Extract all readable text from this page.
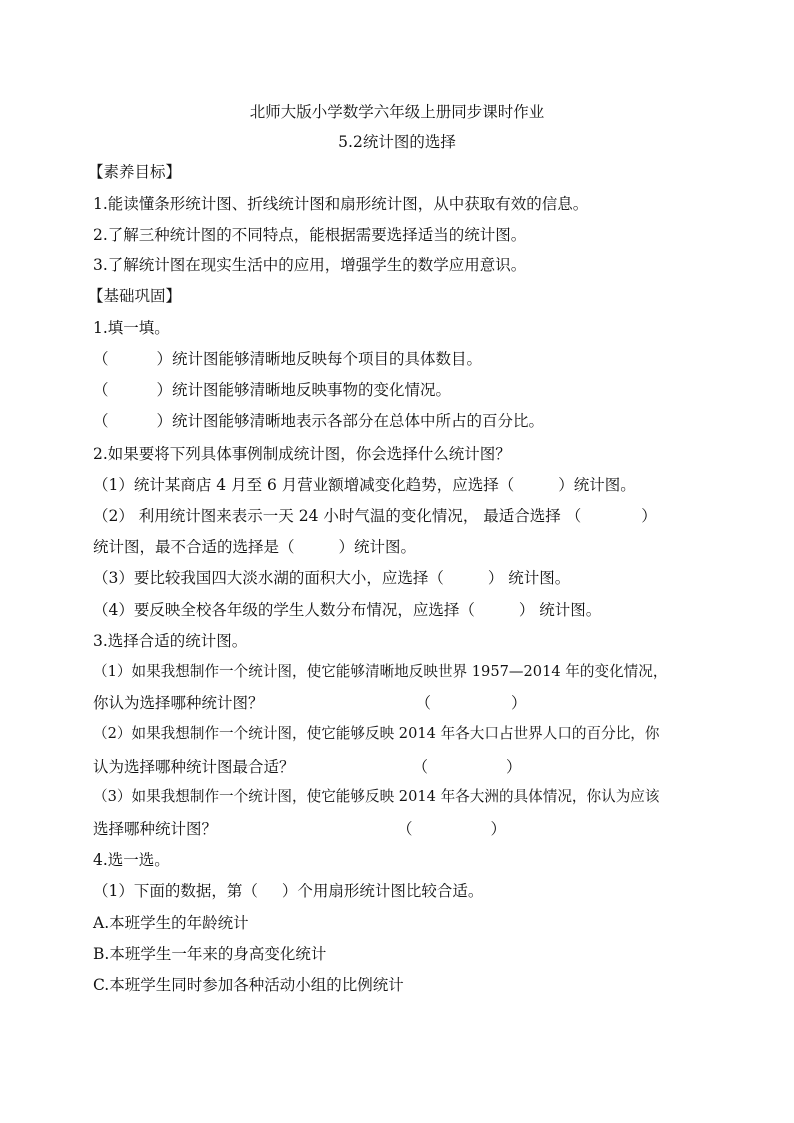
北师大版小学数学六年级上册同步课时作业
5.2统计图的选择
【素养目标】
1.能读懂条形统计图、折线统计图和扇形统计图，从中获取有效的信息。
2.了解三种统计图的不同特点，能根据需要选择适当的统计图。
3.了解统计图在现实生活中的应用，增强学生的数学应用意识。
【基础巩固】
1.填一填。
（	）统计图能够清晰地反映每个项目的具体数目。
（	）统计图能够清晰地反映事物的变化情况。
（	）统计图能够清晰地表示各部分在总体中所占的百分比。
2.如果要将下列具体事例制成统计图，你会选择什么统计图？
（1）统计某商店 4 月至 6 月营业额增减变化趋势，应选择（	）统计图。
（2） 利用统计图来表示一天 24 小时气温的变化情况， 最适合选择 （	）
统计图，最不合适的选择是（	）统计图。
（3）要比较我国四大淡水湖的面积大小，应选择（	） 统计图。
（4）要反映全校各年级的学生人数分布情况，应选择（	） 统计图。
3.选择合适的统计图。
（1）如果我想制作一个统计图，使它能够清晰地反映世界 1957—2014 年的变化情况，
你认为选择哪种统计图？	（	）
（2）如果我想制作一个统计图，使它能够反映 2014 年各大口占世界人口的百分比，你
认为选择哪种统计图最合适？	（	）
（3）如果我想制作一个统计图，使它能够反映 2014 年各大洲的具体情况，你认为应该
选择哪种统计图？	（	）
4.选一选。
（1）下面的数据，第（ ）个用扇形统计图比较合适。
A.本班学生的年龄统计
B.本班学生一年来的身高变化统计
C.本班学生同时参加各种活动小组的比例统计
